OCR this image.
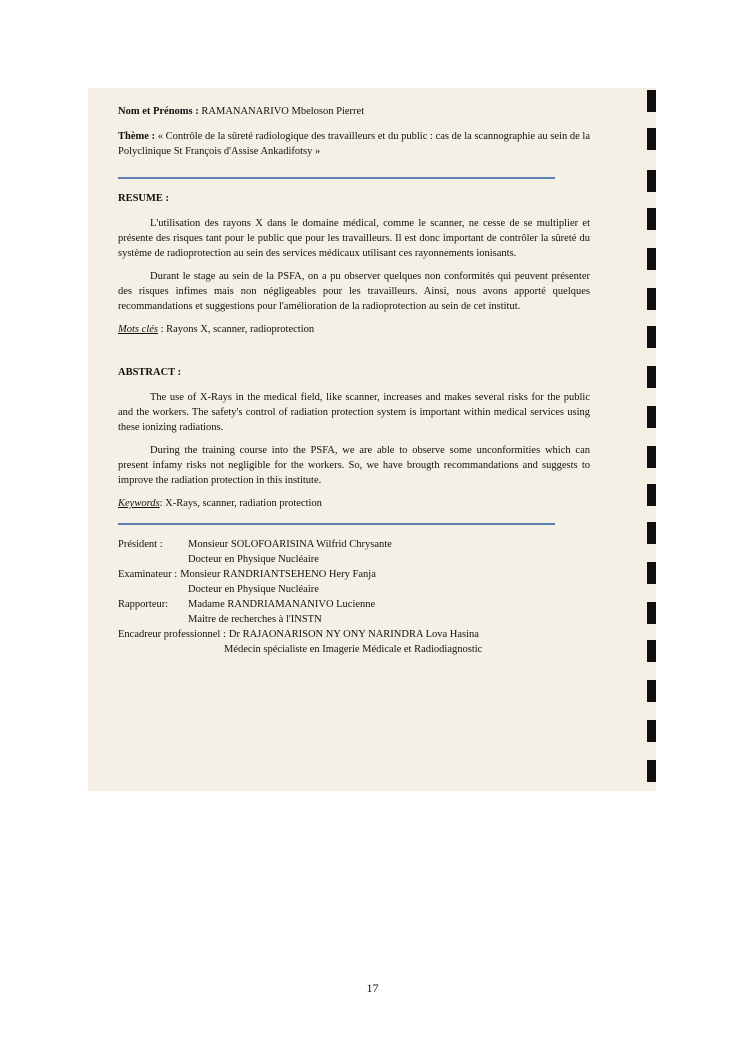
Nom et Prénoms : RAMANANARIVO Mbeloson Pierret

Thème : « Contrôle de la sûreté radiologique des travailleurs et du public : cas de la scannographie au sein de la Polyclinique St François d'Assise Ankadifotsy »

RESUME :

L'utilisation des rayons X dans le domaine médical, comme le scanner, ne cesse de se multiplier et présente des risques tant pour le public que pour les travailleurs. Il est donc important de contrôler la sûreté du système de radioprotection au sein des services médicaux utilisant ces rayonnements ionisants.

Durant le stage au sein de la PSFA, on a pu observer quelques non conformités qui peuvent présenter des risques infimes mais non négligeables pour les travailleurs. Ainsi, nous avons apporté quelques recommandations et suggestions pour l'amélioration de la radioprotection au sein de cet institut.

Mots clés : Rayons X, scanner, radioprotection

ABSTRACT :

The use of X-Rays in the medical field, like scanner, increases and makes several risks for the public and the workers. The safety's control of radiation protection system is important within medical services using these ionizing radiations.

During the training course into the PSFA, we are able to observe some unconformities which can present infamy risks not negligible for the workers. So, we have brougth recommandations and suggests to improve the radiation protection in this institute.

Keywords: X-Rays, scanner, radiation protection

Président :	Monsieur SOLOFOARISINA Wilfrid Chrysante
Docteur en Physique Nucléaire
Examinateur : Monsieur RANDRIANTSEHENO Hery Fanja
Docteur en Physique Nucléaire
Rapporteur:	Madame RANDRIAMANANIVO Lucienne
Maitre de recherches à l'INSTN
Encadreur professionnel : Dr RAJAONARISON NY ONY NARINDRA Lova Hasina
Médecin spécialiste en Imagerie Médicale et Radiodiagnostic
17
